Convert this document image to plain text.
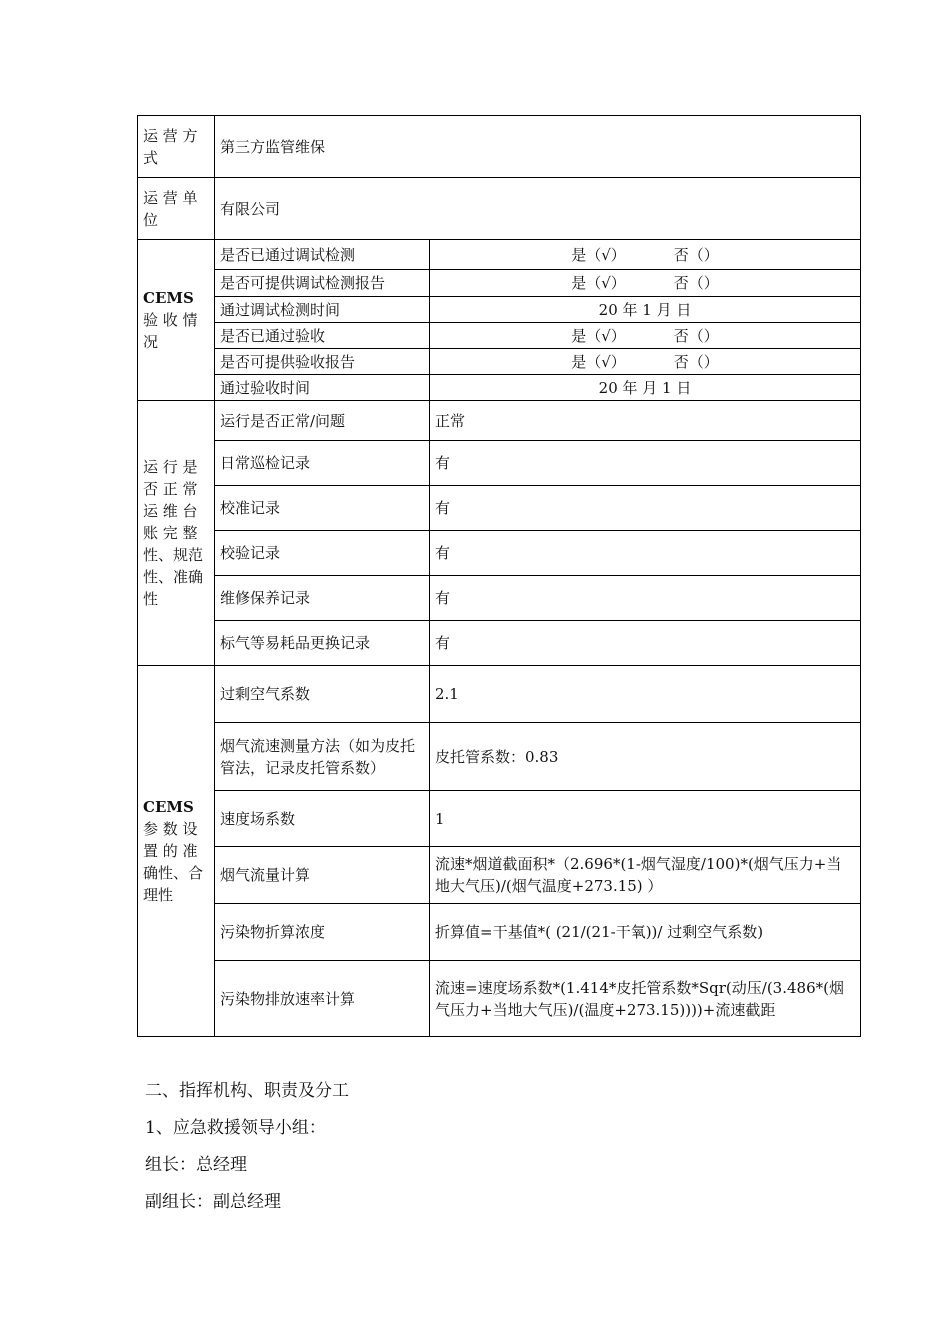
运 营 方 式	第三方监管维保	
运 营 单 位	有限公司	

CEMS
验 收 情 况	是否已通过调试检测	是（√） 否（）
	是否可提供调试检测报告	是（√） 否（）
	通过调试检测时间	20 年 1 月 日
	是否已通过验收	是（√） 否（）
	是否可提供验收报告	是（√） 否（）
	通过验收时间	20 年 月 1 日
运 行 是 否 正 常 运 维 台 账 完 整 性、规范性、准确性	运行是否正常/问题	正常
	日常巡检记录	有
	校准记录	有
	校验记录	有
	维修保养记录	有
	标气等易耗品更换记录	有

CEMS
参 数 设 置 的 准 确性、合 理性	过剩空气系数	2.1
	烟气流速测量方法（如为皮托管法，记录皮托管系数）	皮托管系数：0.83
	速度场系数	1
	烟气流量计算	流速*烟道截面积*（2.696*(1-烟气湿度/100)*(烟气压力+当地大气压)/(烟气温度+273.15) ）
	污染物折算浓度	折算值=干基值*( (21/(21-干氧))/ 过剩空气系数)
	污染物排放速率计算	流速=速度场系数*(1.414*皮托管系数*Sqr(动压/(3.486*(烟气压力+当地大气压)/(温度+273.15))))+流速截距
二、指挥机构、职责及分工
1、应急救援领导小组：
组长：总经理
副组长：副总经理
